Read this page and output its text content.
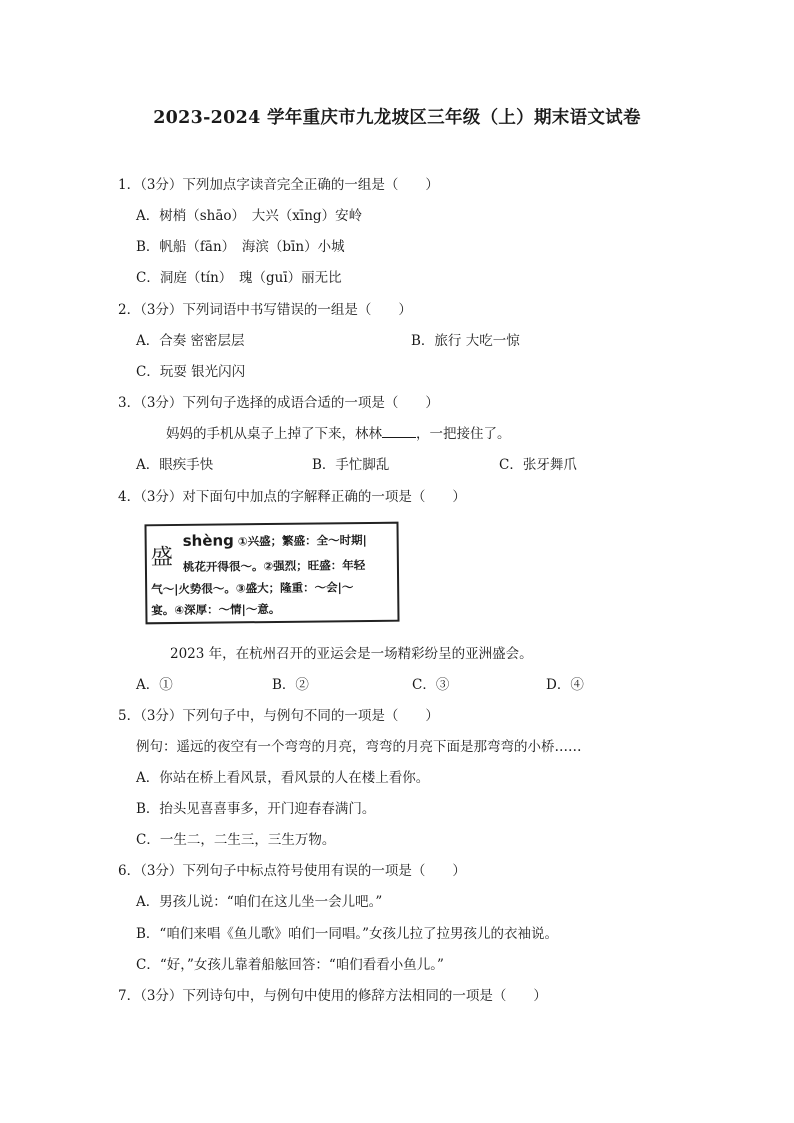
2023-2024 学年重庆市九龙坡区三年级（上）期末语文试卷
1．（3分）下列加点字读音完全正确的一组是（　　）
A．树梢（shāo）　大兴（xīng）安岭
B．帆船（fān）　海滨（bīn）小城
C．洞庭（tín）　瑰（guī）丽无比
2．（3分）下列词语中书写错误的一组是（　　）
A．合奏 密密层层	B．旅行 大吃一惊
C．玩耍 银光闪闪
3．（3分）下列句子选择的成语合适的一项是（　　）
妈妈的手机从桌子上掉了下来，林林	，一把接住了。
A．眼疾手快	B．手忙脚乱	C．张牙舞爪
4．（3分）对下面句中加点的字解释正确的一项是（　　）
盛
shèng ①兴盛；繁盛：全～时期|
桃花开得很～。②强烈；旺盛：年轻
气～|火势很～。③盛大；隆重：～会|～
宴。④深厚：～情|～意。
2023 年，在杭州召开的亚运会是一场精彩纷呈的亚洲盛会。
A．①	B．②	C．③	D．④
5．（3分）下列句子中，与例句不同的一项是（　　）
例句：遥远的夜空有一个弯弯的月亮，弯弯的月亮下面是那弯弯的小桥……
A．你站在桥上看风景，看风景的人在楼上看你。
B．抬头见喜喜事多，开门迎春春满门。
C．一生二，二生三，三生万物。
6．（3分）下列句子中标点符号使用有误的一项是（　　）
A．男孩儿说：“咱们在这儿坐一会儿吧。”
B．“咱们来唱《鱼儿歌》咱们一同唱。”女孩儿拉了拉男孩儿的衣袖说。
C．“好，”女孩儿靠着船舷回答：“咱们看看小鱼儿。”
7．（3分）下列诗句中，与例句中使用的修辞方法相同的一项是（　　）
